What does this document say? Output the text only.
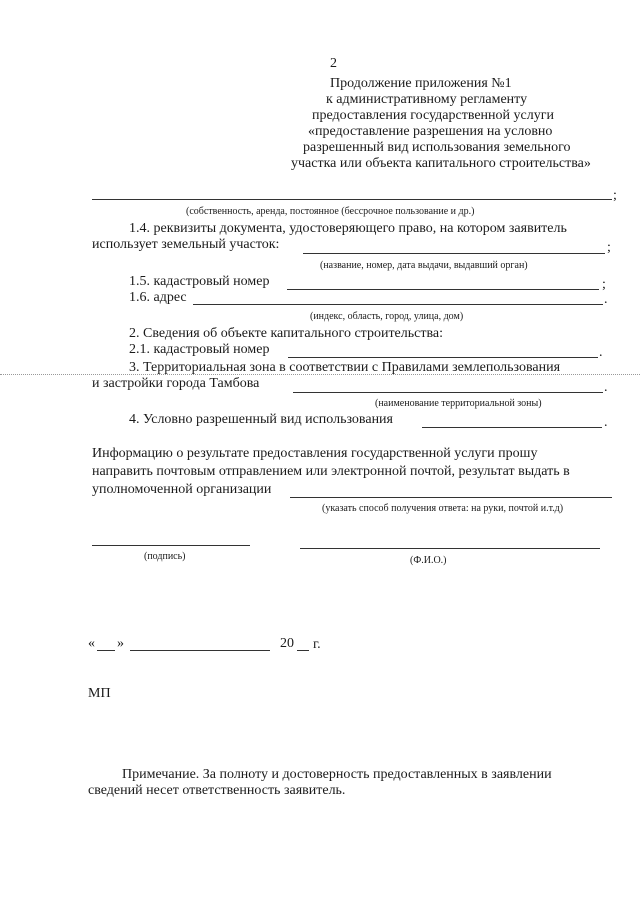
2
Продолжение приложения №1
к административному регламенту
предоставления государственной услуги
«предоставление разрешения на условно
разрешенный вид использования земельного
участка или объекта капитального строительства»
;
(собственность, аренда, постоянное (бессрочное пользование и др.)
1.4. реквизиты документа, удостоверяющего право, на котором заявитель
использует земельный участок:	;
(название, номер, дата выдачи, выдавший орган)
1.5. кадастровый номер	;
1.6. адрес	.
(индекс, область, город, улица, дом)
2. Сведения об объекте капитального строительства:
2.1. кадастровый номер	.
3. Территориальная зона в соответствии с Правилами землепользования
и застройки города Тамбова	.
(наименование территориальной зоны)
4. Условно разрешенный вид использования	.
Информацию о результате предоставления государственной услуги прошу
направить почтовым отправлением или электронной почтой, результат выдать в
уполномоченной организации
(указать способ получения ответа: на руки, почтой и.т.д)
(подпись)	(Ф.И.О.)
« »	20 г.
МП
Примечание. За полноту и достоверность предоставленных в заявлении
сведений несет ответственность заявитель.
